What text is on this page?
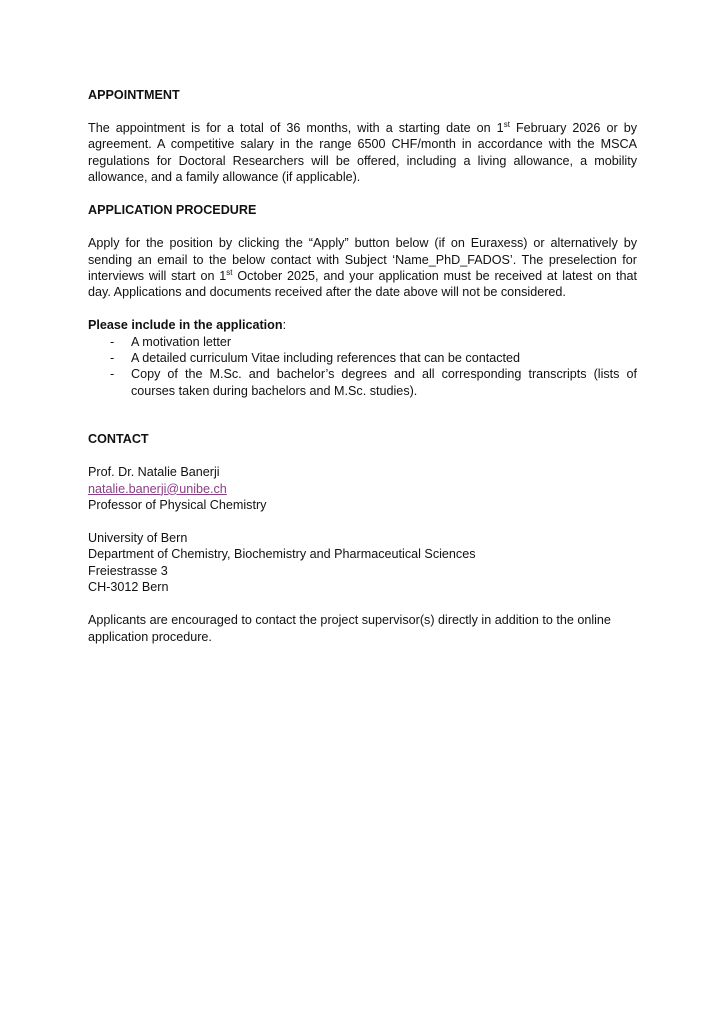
APPOINTMENT

The appointment is for a total of 36 months, with a starting date on 1st February 2026 or by agreement. A competitive salary in the range 6500 CHF/month in accordance with the MSCA regulations for Doctoral Researchers will be offered, including a living allowance, a mobility allowance, and a family allowance (if applicable).

APPLICATION PROCEDURE

Apply for the position by clicking the “Apply” button below (if on Euraxess) or alternatively by sending an email to the below contact with Subject ‘Name_PhD_FADOS’. The preselection for interviews will start on 1st October 2025, and your application must be received at latest on that day. Applications and documents received after the date above will not be considered.

Please include in the application:

- A motivation letter
- A detailed curriculum Vitae including references that can be contacted
- Copy of the M.Sc. and bachelor’s degrees and all corresponding transcripts (lists of courses taken during bachelors and M.Sc. studies).

CONTACT

Prof. Dr. Natalie Banerji

natalie.banerji@unibe.ch

Professor of Physical Chemistry

University of Bern

Department of Chemistry, Biochemistry and Pharmaceutical Sciences

Freiestrasse 3

CH-3012 Bern

Applicants are encouraged to contact the project supervisor(s) directly in addition to the online application procedure.
